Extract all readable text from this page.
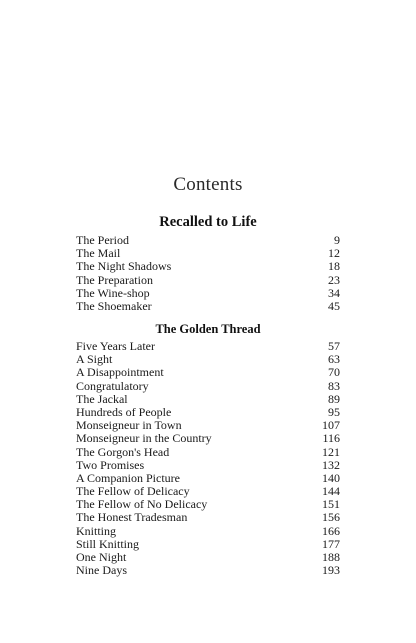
Contents
Recalled to Life
The Period	9
The Mail	12
The Night Shadows	18
The Preparation	23
The Wine-shop	34
The Shoemaker	45
The Golden Thread
Five Years Later	57
A Sight	63
A Disappointment	70
Congratulatory	83
The Jackal	89
Hundreds of People	95
Monseigneur in Town	107
Monseigneur in the Country	116
The Gorgon's Head	121
Two Promises	132
A Companion Picture	140
The Fellow of Delicacy	144
The Fellow of No Delicacy	151
The Honest Tradesman	156
Knitting	166
Still Knitting	177
One Night	188
Nine Days	193
